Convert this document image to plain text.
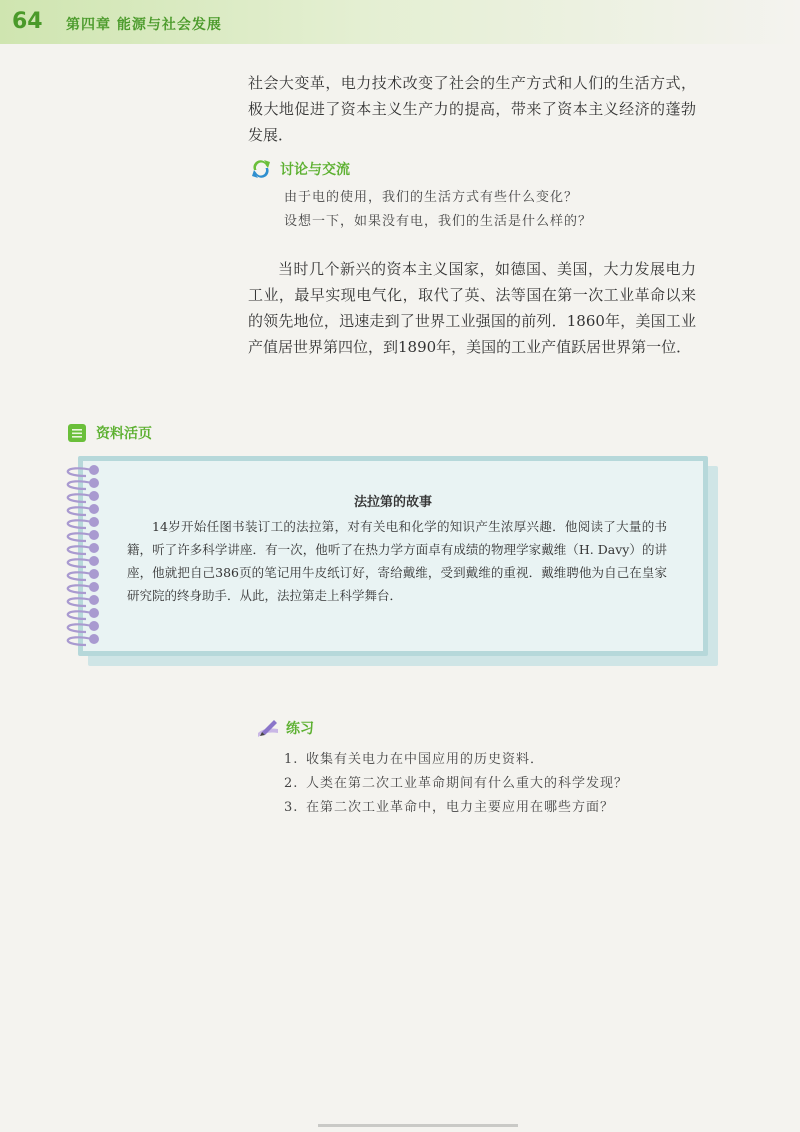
64 第四章 能源与社会发展

社会大变革，电力技术改变了社会的生产方式和人们的生活方式，极大地促进了资本主义生产力的提高，带来了资本主义经济的蓬勃发展．

讨论与交流
由于电的使用，我们的生活方式有些什么变化？
设想一下，如果没有电，我们的生活是什么样的？

当时几个新兴的资本主义国家，如德国、美国，大力发展电力工业，最早实现电气化，取代了英、法等国在第一次工业革命以来的领先地位，迅速走到了世界工业强国的前列．1860年，美国工业产值居世界第四位，到1890年，美国的工业产值跃居世界第一位．

资料活页
法拉第的故事

14岁开始任图书装订工的法拉第，对有关电和化学的知识产生浓厚兴趣．他阅读了大量的书籍，听了许多科学讲座．有一次，他听了在热力学方面卓有成绩的物理学家戴维（H. Davy）的讲座，他就把自己386页的笔记用牛皮纸订好，寄给戴维，受到戴维的重视．戴维聘他为自己在皇家研究院的终身助手．从此，法拉第走上科学舞台．

练习
1. 收集有关电力在中国应用的历史资料．
2. 人类在第二次工业革命期间有什么重大的科学发现？
3. 在第二次工业革命中，电力主要应用在哪些方面？
